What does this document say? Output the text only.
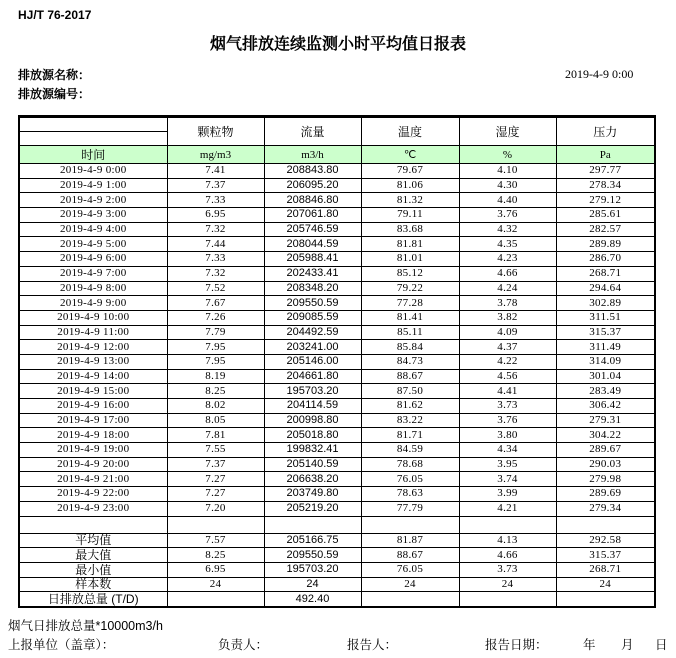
HJ/T 76-2017
烟气排放连续监测小时平均值日报表
排放源名称：
排放源编号：
2019-4-9 0:00
	颗粒物	流量	温度	湿度	压力

时间	mg/m3	m3/h	℃	%	Pa
2019-4-9 0:00	7.41	208843.80	79.67	4.10	297.77
2019-4-9 1:00	7.37	206095.20	81.06	4.30	278.34
2019-4-9 2:00	7.33	208846.80	81.32	4.40	279.12
2019-4-9 3:00	6.95	207061.80	79.11	3.76	285.61
2019-4-9 4:00	7.32	205746.59	83.68	4.32	282.57
2019-4-9 5:00	7.44	208044.59	81.81	4.35	289.89
2019-4-9 6:00	7.33	205988.41	81.01	4.23	286.70
2019-4-9 7:00	7.32	202433.41	85.12	4.66	268.71
2019-4-9 8:00	7.52	208348.20	79.22	4.24	294.64
2019-4-9 9:00	7.67	209550.59	77.28	3.78	302.89
2019-4-9 10:00	7.26	209085.59	81.41	3.82	311.51
2019-4-9 11:00	7.79	204492.59	85.11	4.09	315.37
2019-4-9 12:00	7.95	203241.00	85.84	4.37	311.49
2019-4-9 13:00	7.95	205146.00	84.73	4.22	314.09
2019-4-9 14:00	8.19	204661.80	88.67	4.56	301.04
2019-4-9 15:00	8.25	195703.20	87.50	4.41	283.49
2019-4-9 16:00	8.02	204114.59	81.62	3.73	306.42
2019-4-9 17:00	8.05	200998.80	83.22	3.76	279.31
2019-4-9 18:00	7.81	205018.80	81.71	3.80	304.22
2019-4-9 19:00	7.55	199832.41	84.59	4.34	289.67
2019-4-9 20:00	7.37	205140.59	78.68	3.95	290.03
2019-4-9 21:00	7.27	206638.20	76.05	3.74	279.98
2019-4-9 22:00	7.27	203749.80	78.63	3.99	289.69
2019-4-9 23:00	7.20	205219.20	77.79	4.21	279.34

平均值	7.57	205166.75	81.87	4.13	292.58
最大值	8.25	209550.59	88.67	4.66	315.37
最小值	6.95	195703.20	76.05	3.73	268.71
样本数	24	24	24	24	24
日排放总量 (T/D)		492.40			
烟气日排放总量*10000m3/h
上报单位（盖章）：	负责人：	报告人：	报告日期：	年 月 日
